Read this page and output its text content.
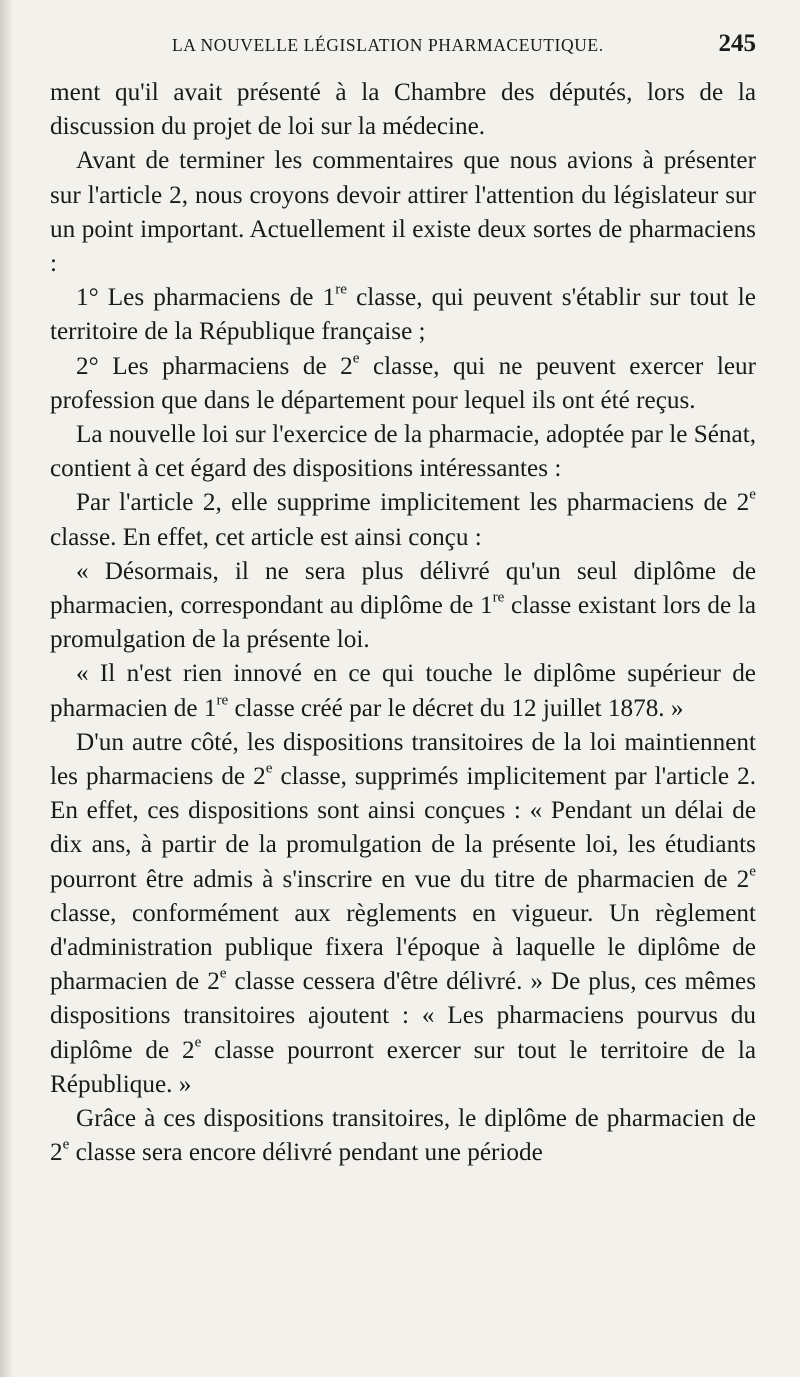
LA NOUVELLE LÉGISLATION PHARMACEUTIQUE.	245

ment qu'il avait présenté à la Chambre des députés, lors de la discussion du projet de loi sur la médecine.

Avant de terminer les commentaires que nous avions à présenter sur l'article 2, nous croyons devoir attirer l'attention du législateur sur un point important. Actuellement il existe deux sortes de pharmaciens :

1° Les pharmaciens de 1re classe, qui peuvent s'établir sur tout le territoire de la République française ;

2° Les pharmaciens de 2e classe, qui ne peuvent exercer leur profession que dans le département pour lequel ils ont été reçus.

La nouvelle loi sur l'exercice de la pharmacie, adoptée par le Sénat, contient à cet égard des dispositions intéressantes :

Par l'article 2, elle supprime implicitement les pharmaciens de 2e classe. En effet, cet article est ainsi conçu :

« Désormais, il ne sera plus délivré qu'un seul diplôme de pharmacien, correspondant au diplôme de 1re classe existant lors de la promulgation de la présente loi.

« Il n'est rien innové en ce qui touche le diplôme supérieur de pharmacien de 1re classe créé par le décret du 12 juillet 1878. »

D'un autre côté, les dispositions transitoires de la loi maintiennent les pharmaciens de 2e classe, supprimés implicitement par l'article 2. En effet, ces dispositions sont ainsi conçues : « Pendant un délai de dix ans, à partir de la promulgation de la présente loi, les étudiants pourront être admis à s'inscrire en vue du titre de pharmacien de 2e classe, conformément aux règlements en vigueur. Un règlement d'administration publique fixera l'époque à laquelle le diplôme de pharmacien de 2e classe cessera d'être délivré. » De plus, ces mêmes dispositions transitoires ajoutent : « Les pharmaciens pourvus du diplôme de 2e classe pourront exercer sur tout le territoire de la République. »

Grâce à ces dispositions transitoires, le diplôme de pharmacien de 2e classe sera encore délivré pendant une période
